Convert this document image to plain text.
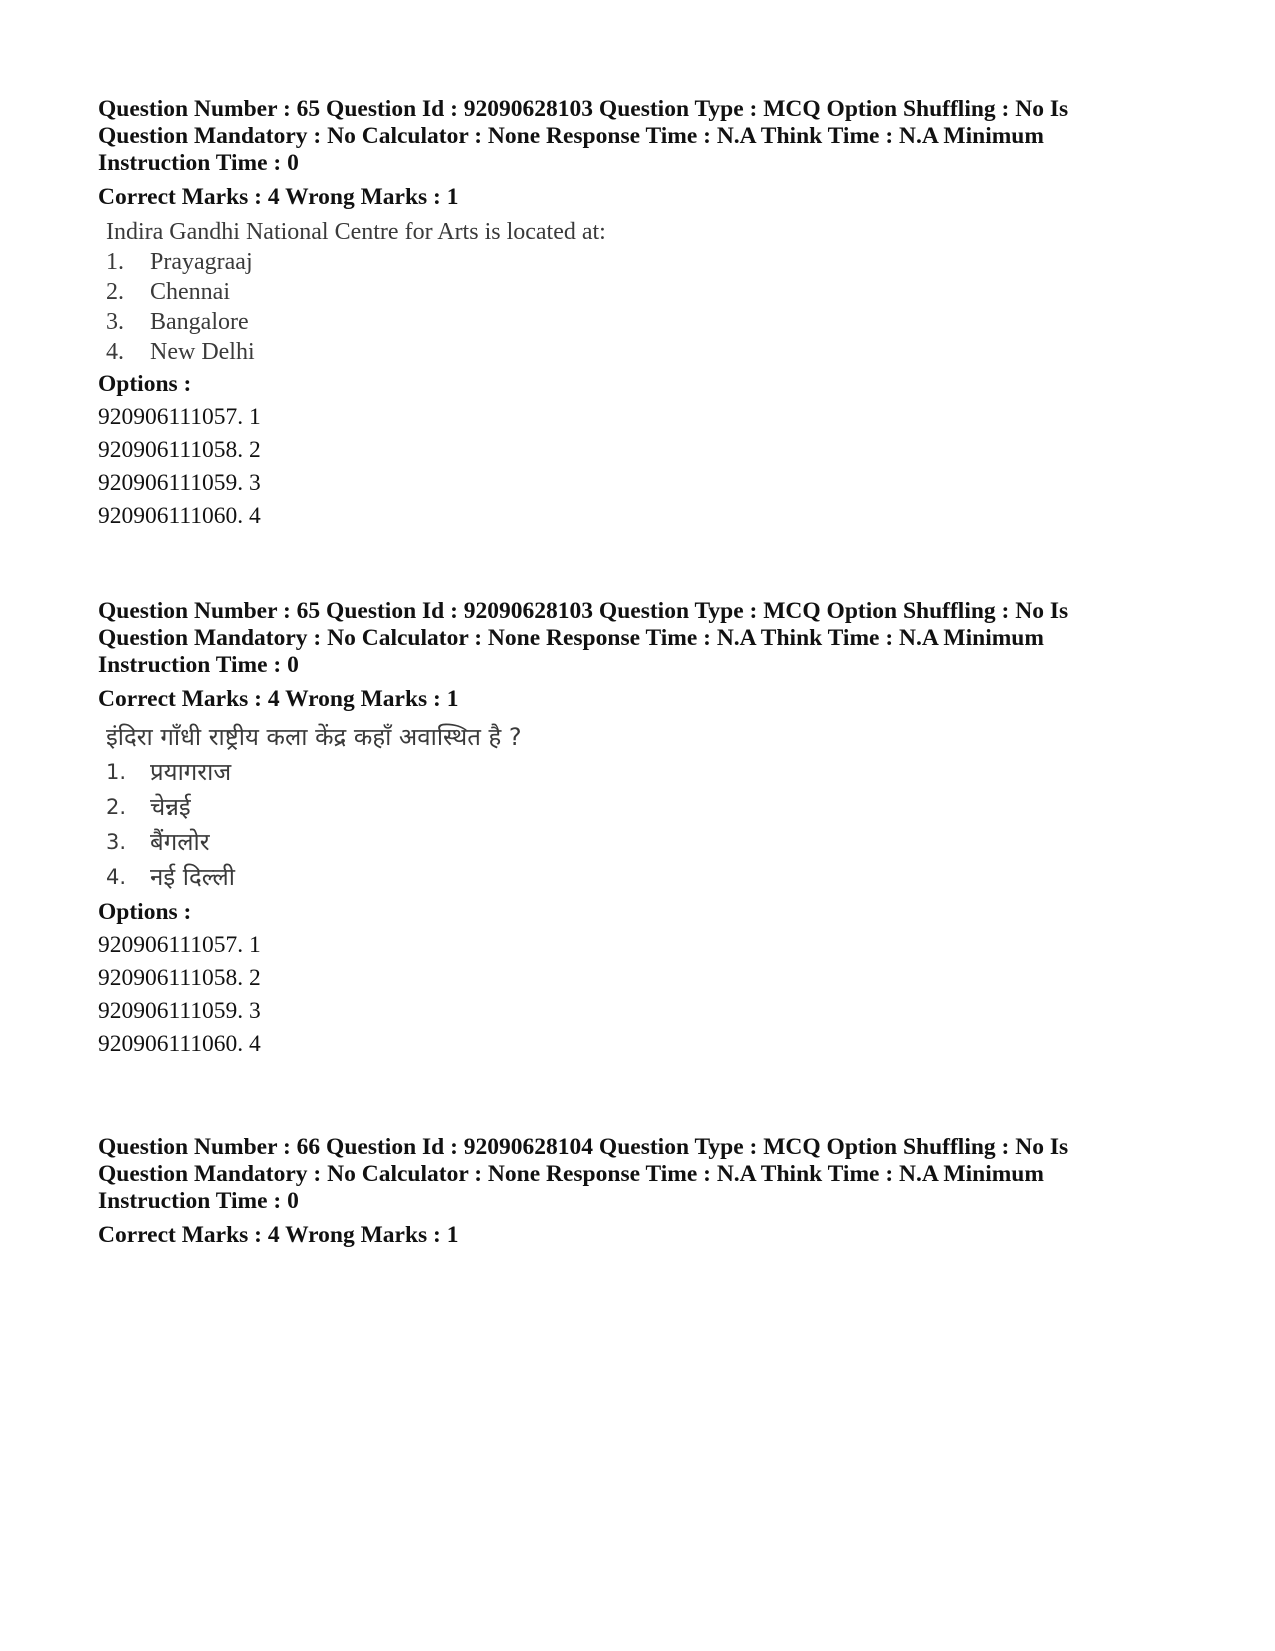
Question Number : 65 Question Id : 92090628103 Question Type : MCQ Option Shuffling : No Is
Question Mandatory : No Calculator : None Response Time : N.A Think Time : N.A Minimum
Instruction Time : 0
Correct Marks : 4 Wrong Marks : 1
Indira Gandhi National Centre for Arts is located at:
1.	Prayagraaj
2.	Chennai
3.	Bangalore
4.	New Delhi
Options :
920906111057. 1
920906111058. 2
920906111059. 3
920906111060. 4
Question Number : 65 Question Id : 92090628103 Question Type : MCQ Option Shuffling : No Is
Question Mandatory : No Calculator : None Response Time : N.A Think Time : N.A Minimum
Instruction Time : 0
Correct Marks : 4 Wrong Marks : 1
इंदिरा गाँधी राष्ट्रीय कला केंद्र कहाँ अवास्थित है ?
1. प्रयागराज
2. चेन्नई
3. बैंगलोर
4. नई दिल्ली
Options :
920906111057. 1
920906111058. 2
920906111059. 3
920906111060. 4
Question Number : 66 Question Id : 92090628104 Question Type : MCQ Option Shuffling : No Is
Question Mandatory : No Calculator : None Response Time : N.A Think Time : N.A Minimum
Instruction Time : 0
Correct Marks : 4 Wrong Marks : 1
